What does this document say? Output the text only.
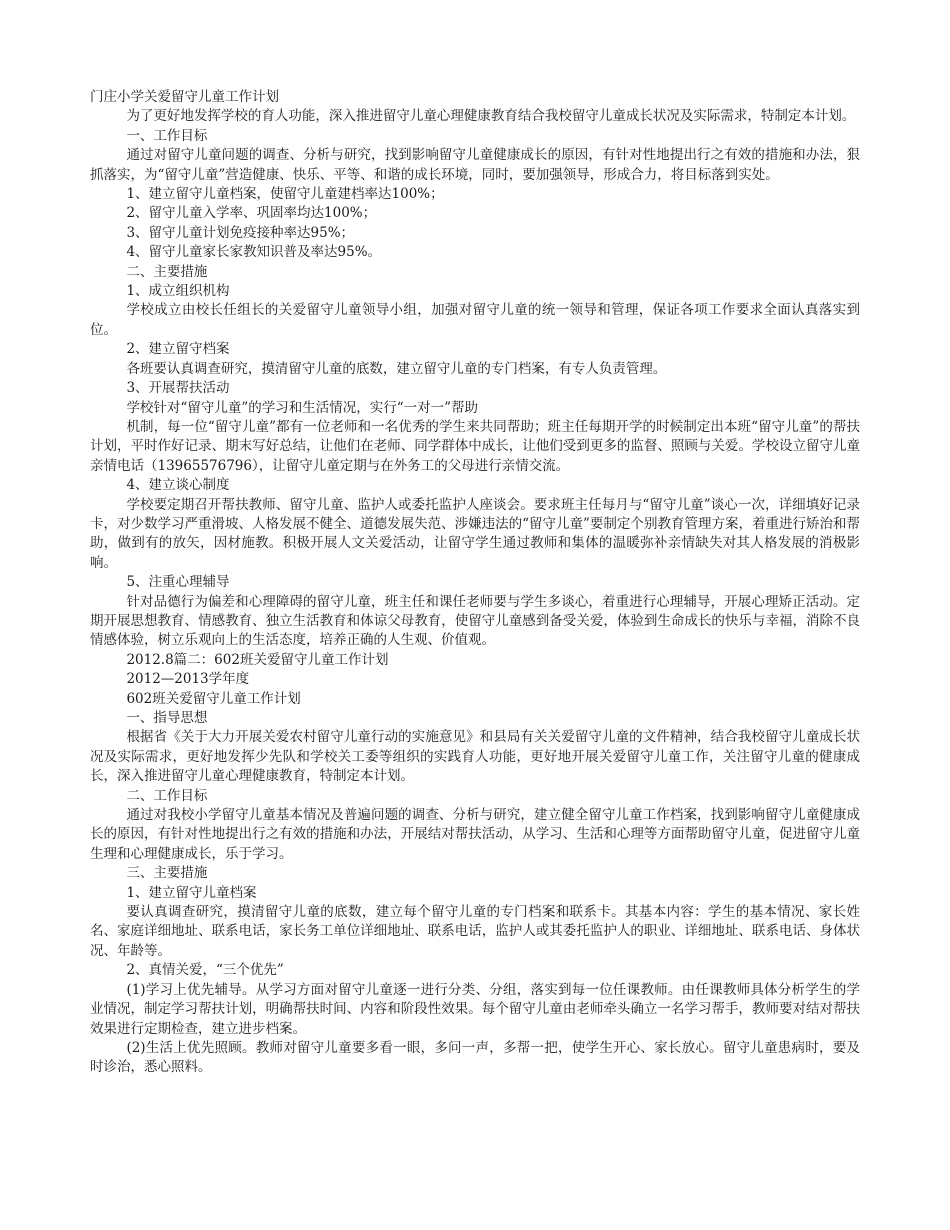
门庄小学关爱留守儿童工作计划

为了更好地发挥学校的育人功能，深入推进留守儿童心理健康教育结合我校留守儿童成长状况及实际需求，特制定本计划。

一、工作目标

通过对留守儿童问题的调查、分析与研究，找到影响留守儿童健康成长的原因，有针对性地提出行之有效的措施和办法，狠抓落实，为“留守儿童”营造健康、快乐、平等、和谐的成长环境，同时，要加强领导，形成合力，将目标落到实处。

1、建立留守儿童档案，使留守儿童建档率达100%；

2、留守儿童入学率、巩固率均达100%；

3、留守儿童计划免疫接种率达95%；

4、留守儿童家长家教知识普及率达95%。

二、主要措施

1、成立组织机构

学校成立由校长任组长的关爱留守儿童领导小组，加强对留守儿童的统一领导和管理，保证各项工作要求全面认真落实到位。

2、建立留守档案

各班要认真调查研究，摸清留守儿童的底数，建立留守儿童的专门档案，有专人负责管理。

3、开展帮扶活动

学校针对“留守儿童”的学习和生活情况，实行“一对一”帮助

机制，每一位“留守儿童”都有一位老师和一名优秀的学生来共同帮助；班主任每期开学的时候制定出本班“留守儿童”的帮扶计划，平时作好记录、期末写好总结，让他们在老师、同学群体中成长，让他们受到更多的监督、照顾与关爱。学校设立留守儿童亲情电话（13965576796），让留守儿童定期与在外务工的父母进行亲情交流。

4、建立谈心制度

学校要定期召开帮扶教师、留守儿童、监护人或委托监护人座谈会。要求班主任每月与“留守儿童”谈心一次，详细填好记录卡，对少数学习严重滑坡、人格发展不健全、道德发展失范、涉嫌违法的“留守儿童”要制定个别教育管理方案，着重进行矫治和帮助，做到有的放矢，因材施教。积极开展人文关爱活动，让留守学生通过教师和集体的温暖弥补亲情缺失对其人格发展的消极影响。

5、注重心理辅导

针对品德行为偏差和心理障碍的留守儿童，班主任和课任老师要与学生多谈心，着重进行心理辅导，开展心理矫正活动。定期开展思想教育、情感教育、独立生活教育和体谅父母教育，使留守儿童感到备受关爱，体验到生命成长的快乐与幸福，消除不良情感体验，树立乐观向上的生活态度，培养正确的人生观、价值观。

2012.8篇二：602班关爱留守儿童工作计划

2012—2013学年度

602班关爱留守儿童工作计划

一、指导思想

根据省《关于大力开展关爱农村留守儿童行动的实施意见》和县局有关关爱留守儿童的文件精神，结合我校留守儿童成长状况及实际需求，更好地发挥少先队和学校关工委等组织的实践育人功能，更好地开展关爱留守儿童工作，关注留守儿童的健康成长，深入推进留守儿童心理健康教育，特制定本计划。

二、工作目标

通过对我校小学留守儿童基本情况及普遍问题的调查、分析与研究，建立健全留守儿童工作档案，找到影响留守儿童健康成长的原因，有针对性地提出行之有效的措施和办法，开展结对帮扶活动，从学习、生活和心理等方面帮助留守儿童，促进留守儿童生理和心理健康成长，乐于学习。

三、主要措施

1、建立留守儿童档案

要认真调查研究，摸清留守儿童的底数，建立每个留守儿童的专门档案和联系卡。其基本内容：学生的基本情况、家长姓名、家庭详细地址、联系电话，家长务工单位详细地址、联系电话，监护人或其委托监护人的职业、详细地址、联系电话、身体状况、年龄等。

2、真情关爱，“三个优先”

(1)学习上优先辅导。从学习方面对留守儿童逐一进行分类、分组，落实到每一位任课教师。由任课教师具体分析学生的学业情况，制定学习帮扶计划，明确帮扶时间、内容和阶段性效果。每个留守儿童由老师牵头确立一名学习帮手，教师要对结对帮扶效果进行定期检查，建立进步档案。

(2)生活上优先照顾。教师对留守儿童要多看一眼，多问一声，多帮一把，使学生开心、家长放心。留守儿童患病时，要及时诊治，悉心照料。
